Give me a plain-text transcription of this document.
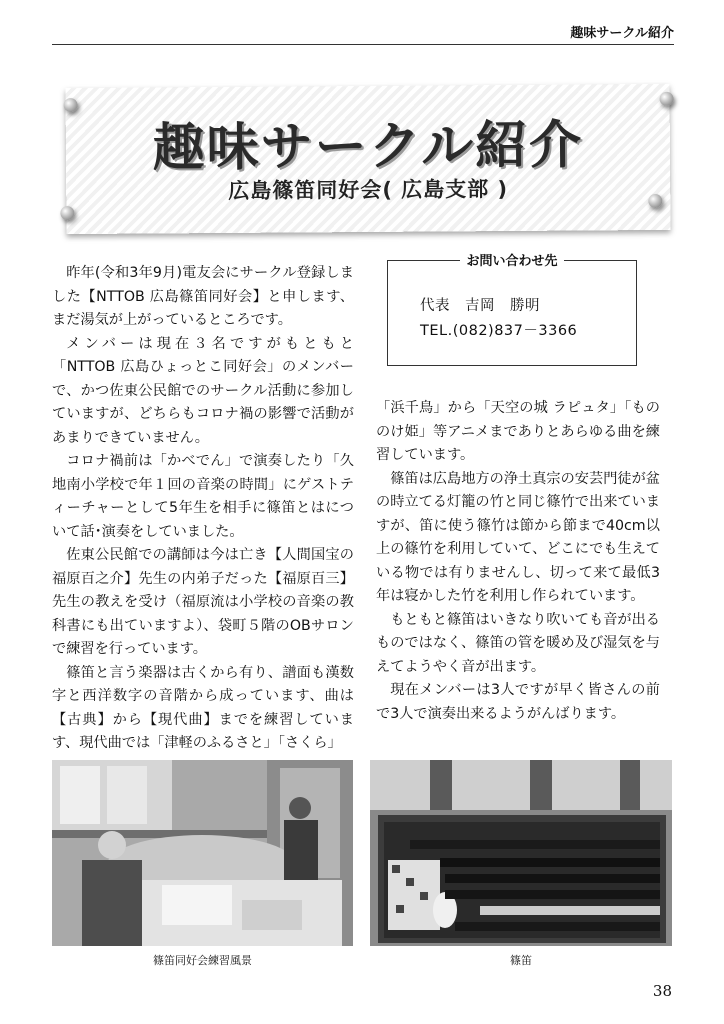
趣味サークル紹介
趣味サークル紹介
広島篠笛同好会( 広島支部 )
お問い合わせ先
代表　吉岡　勝明
TEL.(082)837－3366

昨年(令和3年9月)電友会にサークル登録しました【NTTOB 広島篠笛同好会】と申します、まだ湯気が上がっているところです。

メンバーは現在３名ですがもともと「NTTOB 広島ひょっとこ同好会」のメンバーで、かつ佐東公民館でのサークル活動に参加していますが、どちらもコロナ禍の影響で活動があまりできていません。

コロナ禍前は「かべでん」で演奏したり「久地南小学校で年１回の音楽の時間」にゲストティーチャーとして5年生を相手に篠笛とはについて話･演奏をしていました。

佐東公民館での講師は今は亡き【人間国宝の福原百之介】先生の内弟子だった【福原百三】先生の教えを受け（福原流は小学校の音楽の教科書にも出ていますよ）、袋町５階のOBサロンで練習を行っています。

篠笛と言う楽器は古くから有り、譜面も漢数字と西洋数字の音階から成っています、曲は【古典】から【現代曲】までを練習しています、現代曲では「津軽のふるさと」「さくら」

「浜千鳥」から「天空の城 ラピュタ」「もののけ姫」等アニメまでありとあらゆる曲を練習しています。

篠笛は広島地方の浄土真宗の安芸門徒が盆の時立てる灯籠の竹と同じ篠竹で出来ていますが、笛に使う篠竹は節から節まで40cm以上の篠竹を利用していて、どこにでも生えている物では有りませんし、切って来て最低3年は寝かした竹を利用し作られています。

もともと篠笛はいきなり吹いても音が出るものではなく、篠笛の管を暖め及び湿気を与えてようやく音が出ます。

現在メンバーは3人ですが早く皆さんの前で3人で演奏出来るようがんばります。

篠笛同好会練習風景	篠笛
38
